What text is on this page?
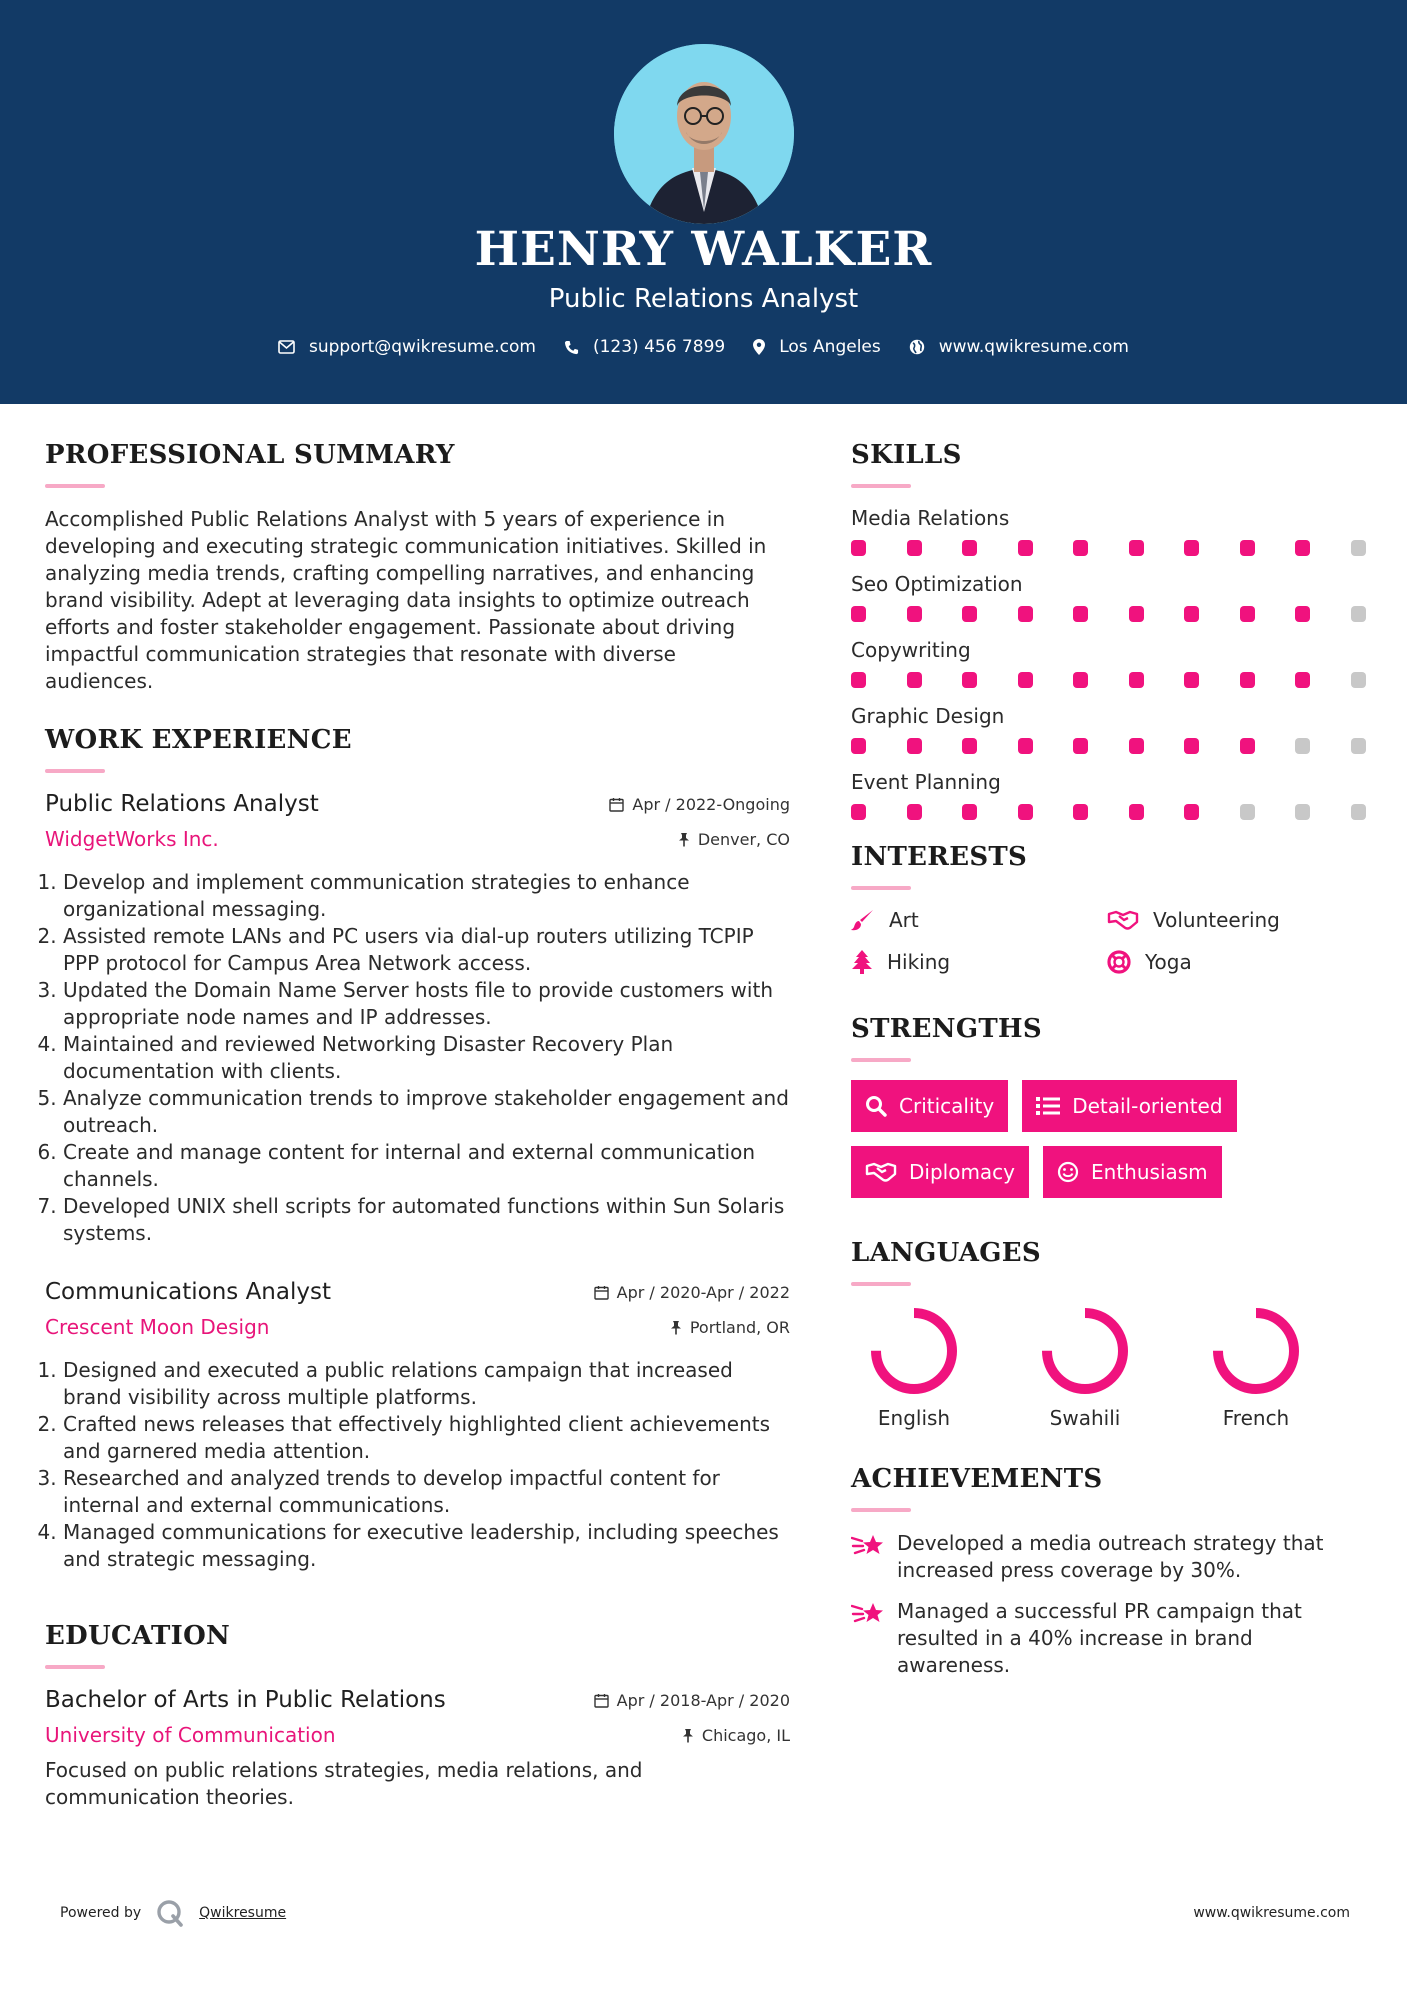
HENRY WALKER
Public Relations Analyst
support@qwikresume.com	(123) 456 7899	Los Angeles	www.qwikresume.com
PROFESSIONAL SUMMARY
Accomplished Public Relations Analyst with 5 years of experience in developing and executing strategic communication initiatives. Skilled in analyzing media trends, crafting compelling narratives, and enhancing brand visibility. Adept at leveraging data insights to optimize outreach efforts and foster stakeholder engagement. Passionate about driving impactful communication strategies that resonate with diverse audiences.
WORK EXPERIENCE
Public Relations Analyst	Apr / 2022-Ongoing
WidgetWorks Inc.	Denver, CO
1. Develop and implement communication strategies to enhance organizational messaging.
2. Assisted remote LANs and PC users via dial-up routers utilizing TCPIP PPP protocol for Campus Area Network access.
3. Updated the Domain Name Server hosts file to provide customers with appropriate node names and IP addresses.
4. Maintained and reviewed Networking Disaster Recovery Plan documentation with clients.
5. Analyze communication trends to improve stakeholder engagement and outreach.
6. Create and manage content for internal and external communication channels.
7. Developed UNIX shell scripts for automated functions within Sun Solaris systems.
Communications Analyst	Apr / 2020-Apr / 2022
Crescent Moon Design	Portland, OR
1. Designed and executed a public relations campaign that increased brand visibility across multiple platforms.
2. Crafted news releases that effectively highlighted client achievements and garnered media attention.
3. Researched and analyzed trends to develop impactful content for internal and external communications.
4. Managed communications for executive leadership, including speeches and strategic messaging.
EDUCATION
Bachelor of Arts in Public Relations	Apr / 2018-Apr / 2020
University of Communication	Chicago, IL
Focused on public relations strategies, media relations, and communication theories.
SKILLS
Media Relations
Seo Optimization
Copywriting
Graphic Design
Event Planning
INTERESTS
Art	Volunteering
Hiking	Yoga
STRENGTHS
Criticality	Detail-oriented
Diplomacy	Enthusiasm
LANGUAGES
English	Swahili	French
ACHIEVEMENTS
Developed a media outreach strategy that increased press coverage by 30%.
Managed a successful PR campaign that resulted in a 40% increase in brand awareness.
Powered by	Qwikresume	www.qwikresume.com
